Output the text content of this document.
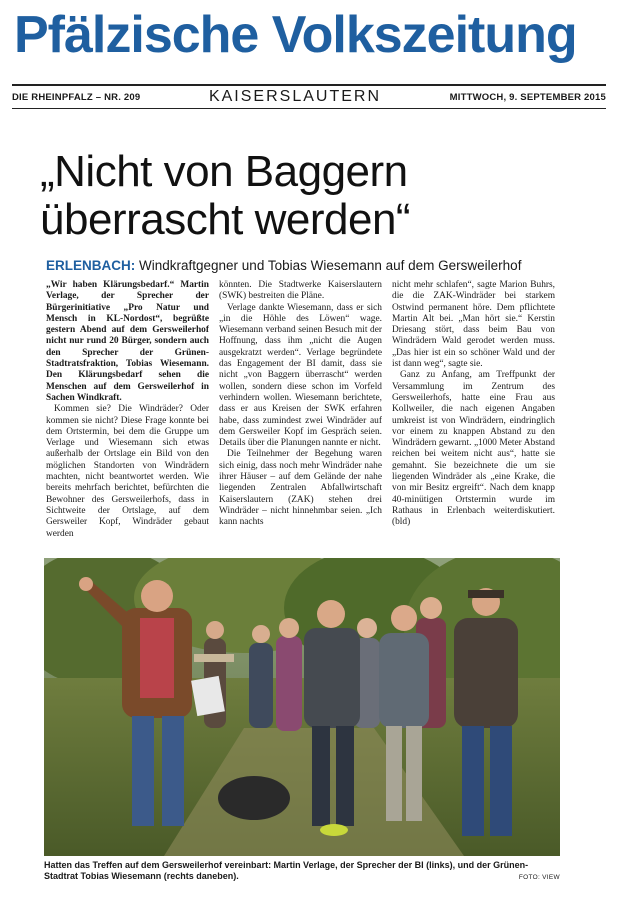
Pfälzische Volkszeitung
DIE RHEINPFALZ – NR. 209	KAISERSLAUTERN	MITTWOCH, 9. SEPTEMBER 2015
„Nicht von Baggern
überrascht werden“
ERLENBACH: Windkraftgegner und Tobias Wiesemann auf dem Gersweilerhof

„Wir haben Klärungsbedarf.“ Martin Verlage, der Sprecher der Bürgerinitiative „Pro Natur und Mensch in KL-Nordost“, begrüßte gestern Abend auf dem Gersweilerhof nicht nur rund 20 Bürger, sondern auch den Sprecher der Grünen-Stadtratsfraktion, Tobias Wiesemann. Den Klärungsbedarf sehen die Menschen auf dem Gersweilerhof in Sachen Windkraft.

Kommen sie? Die Windräder? Oder kommen sie nicht? Diese Frage konnte bei dem Ortstermin, bei dem die Gruppe um Verlage und Wiesemann sich etwas außerhalb der Ortslage ein Bild von den möglichen Standorten von Windrädern machten, nicht beantwortet werden. Wie bereits mehrfach berichtet, befürchten die Bewohner des Gersweilerhofs, dass in Sichtweite der Ortslage, auf dem Gersweiler Kopf, Windräder gebaut werden

könnten. Die Stadtwerke Kaiserslautern (SWK) bestreiten die Pläne.

Verlage dankte Wiesemann, dass er sich „in die Höhle des Löwen“ wage. Wiesemann verband seinen Besuch mit der Hoffnung, dass ihm „nicht die Augen ausgekratzt werden“. Verlage begründete das Engagement der BI damit, dass sie nicht „von Baggern überrascht“ werden wollen, sondern diese schon im Vorfeld verhindern wollen. Wiesemann berichtete, dass er aus Kreisen der SWK erfahren habe, dass zumindest zwei Windräder auf dem Gersweiler Kopf im Gespräch seien. Details über die Planungen nannte er nicht.

Die Teilnehmer der Begehung waren sich einig, dass noch mehr Windräder nahe ihrer Häuser – auf dem Gelände der nahe liegenden Zentralen Abfallwirtschaft Kaiserslautern (ZAK) stehen drei Windräder – nicht hinnehmbar seien. „Ich kann nachts

nicht mehr schlafen“, sagte Marion Buhrs, die die ZAK-Windräder bei starkem Ostwind permanent höre. Dem pflichtete Martin Alt bei. „Man hört sie.“ Kerstin Driesang stört, dass beim Bau von Windrädern Wald gerodet werden muss. „Das hier ist ein so schöner Wald und der ist dann weg“, sagte sie.

Ganz zu Anfang, am Treffpunkt der Versammlung im Zentrum des Gersweilerhofs, hatte eine Frau aus Kollweiler, die nach eigenen Angaben umkreist ist von Windrädern, eindringlich vor einem zu knappen Abstand zu den Windrädern gewarnt. „1000 Meter Abstand reichen bei weitem nicht aus“, hatte sie gemahnt. Sie bezeichnete die um sie liegenden Windräder als „eine Krake, die von mir Besitz ergreift“. Nach dem knapp 40-minütigen Ortstermin wurde im Rathaus in Erlenbach weiterdiskutiert. (bld)

Hatten das Treffen auf dem Gersweilerhof vereinbart: Martin Verlage, der Sprecher der BI (links), und der Grünen-Stadtrat Tobias Wiesemann (rechts daneben).	FOTO: VIEW
